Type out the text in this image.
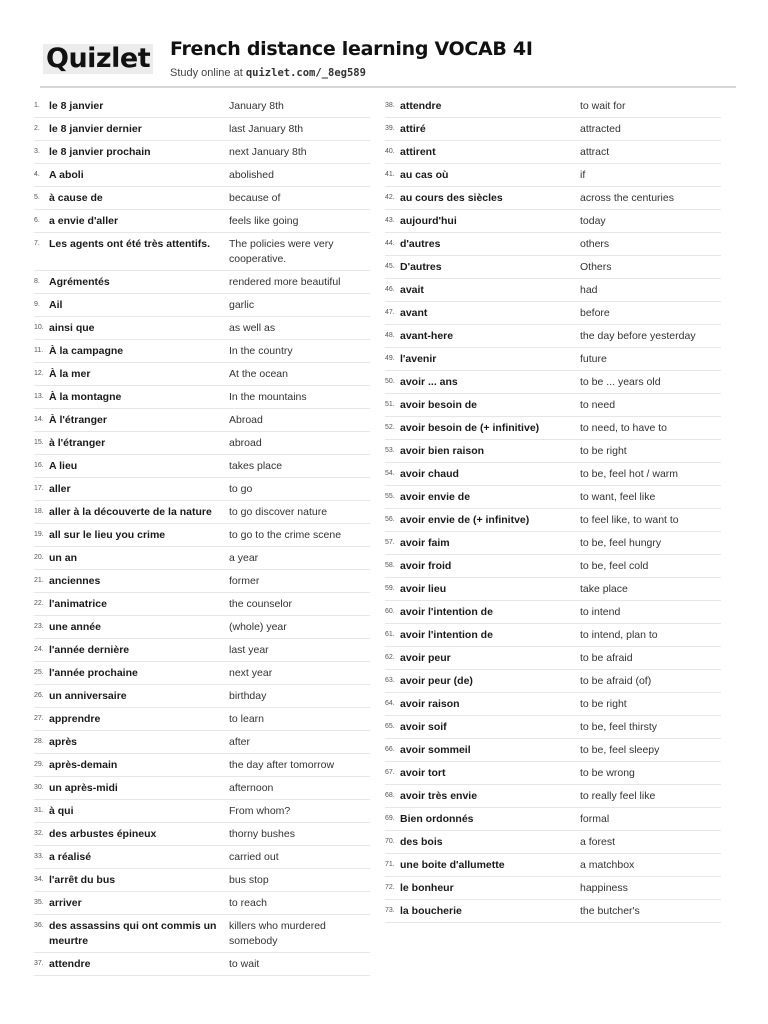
Quizlet French distance learning VOCAB 4I
Study online at quizlet.com/_8eg589
1. le 8 janvier	January 8th
2. le 8 janvier dernier	last January 8th
3. le 8 janvier prochain	next January 8th
4. A aboli	abolished
5. à cause de	because of
6. a envie d'aller	feels like going
7. Les agents ont été très attentifs.	The policies were very cooperative.
8. Agrémentés	rendered more beautiful
9. Ail	garlic
10. ainsi que	as well as
11. À la campagne	In the country
12. À la mer	At the ocean
13. À la montagne	In the mountains
14. À l'étranger	Abroad
15. à l'étranger	abroad
16. A lieu	takes place
17. aller	to go
18. aller à la découverte de la nature	to go discover nature
19. all sur le lieu you crime	to go to the crime scene
20. un an	a year
21. anciennes	former
22. l'animatrice	the counselor
23. une année	(whole) year
24. l'année dernière	last year
25. l'année prochaine	next year
26. un anniversaire	birthday
27. apprendre	to learn
28. après	after
29. après-demain	the day after tomorrow
30. un après-midi	afternoon
31. à qui	From whom?
32. des arbustes épineux	thorny bushes
33. a réalisé	carried out
34. l'arrêt du bus	bus stop
35. arriver	to reach
36. des assassins qui ont commis un meurtre
killers who murdered somebody
37. attendre	to wait
38. attendre	to wait for
39. attiré	attracted
40. attirent	attract
41. au cas où	if
42. au cours des siècles	across the centuries
43. aujourd'hui	today
44. d'autres	others
45. D'autres	Others
46. avait	had
47. avant	before
48. avant-here	the day before yesterday
49. l'avenir	future
50. avoir ... ans	to be ... years old
51. avoir besoin de	to need
52. avoir besoin de (+ infinitive)	to need, to have to
53. avoir bien raison	to be right
54. avoir chaud	to be, feel hot / warm
55. avoir envie de	to want, feel like
56. avoir envie de (+ infinitve)	to feel like, to want to
57. avoir faim	to be, feel hungry
58. avoir froid	to be, feel cold
59. avoir lieu	take place
60. avoir l'intention de	to intend
61. avoir l'intention de	to intend, plan to
62. avoir peur	to be afraid
63. avoir peur (de)	to be afraid (of)
64. avoir raison	to be right
65. avoir soif	to be, feel thirsty
66. avoir sommeil	to be, feel sleepy
67. avoir tort	to be wrong
68. avoir très envie	to really feel like
69. Bien ordonnés	formal
70. des bois	a forest
71. une boite d'allumette	a matchbox
72. le bonheur	happiness
73. la boucherie	the butcher's
